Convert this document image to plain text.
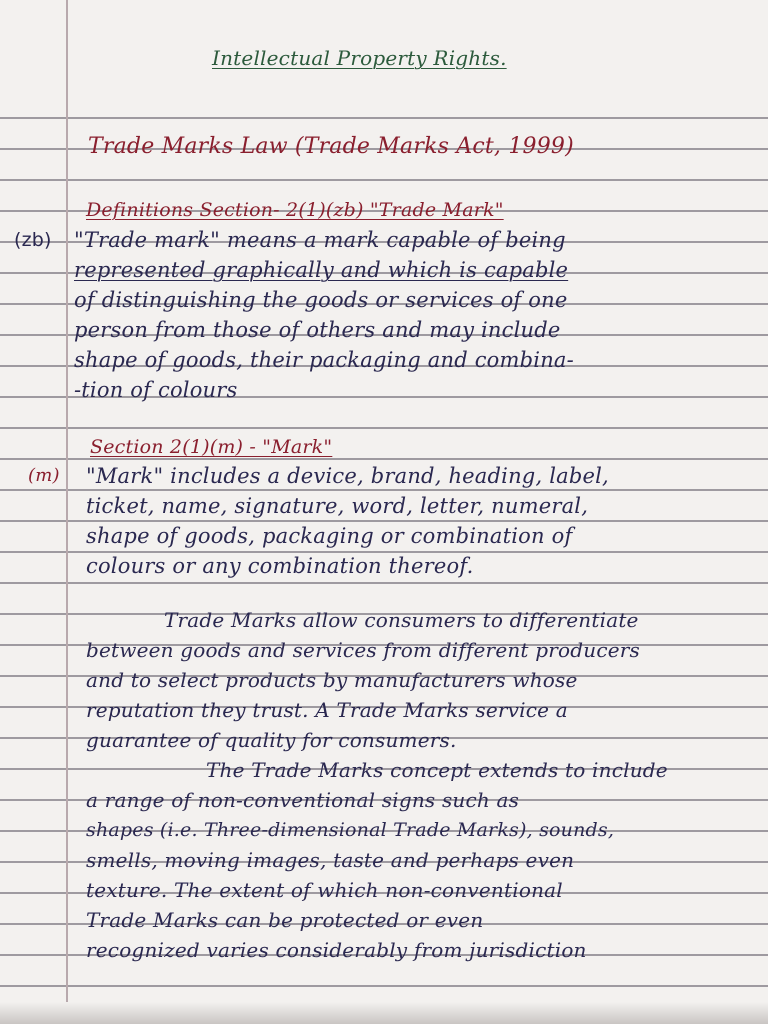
Intellectual Property Rights.
Trade Marks Law (Trade Marks Act, 1999)
Definitions Section- 2(1)(zb) "Trade Mark"
(zb) "Trade mark" means a mark capable of being
represented graphically and which is capable
of distinguishing the goods or services of one
person from those of others and may include
shape of goods, their packaging and combina-
-tion of colours
Section 2(1)(m) - "Mark"
(m) "Mark" includes a device, brand, heading, label,
ticket, name, signature, word, letter, numeral,
shape of goods, packaging or combination of
colours or any combination thereof.
Trade Marks allow consumers to differentiate
between goods and services from different producers
and to select products by manufacturers whose
reputation they trust. A Trade Marks service a
guarantee of quality for consumers.
The Trade Marks concept extends to include
a range of non-conventional signs such as
shapes (i.e. Three-dimensional Trade Marks), sounds,
smells, moving images, taste and perhaps even
texture. The extent of which non-conventional
Trade Marks can be protected or even
recognized varies considerably from jurisdiction
